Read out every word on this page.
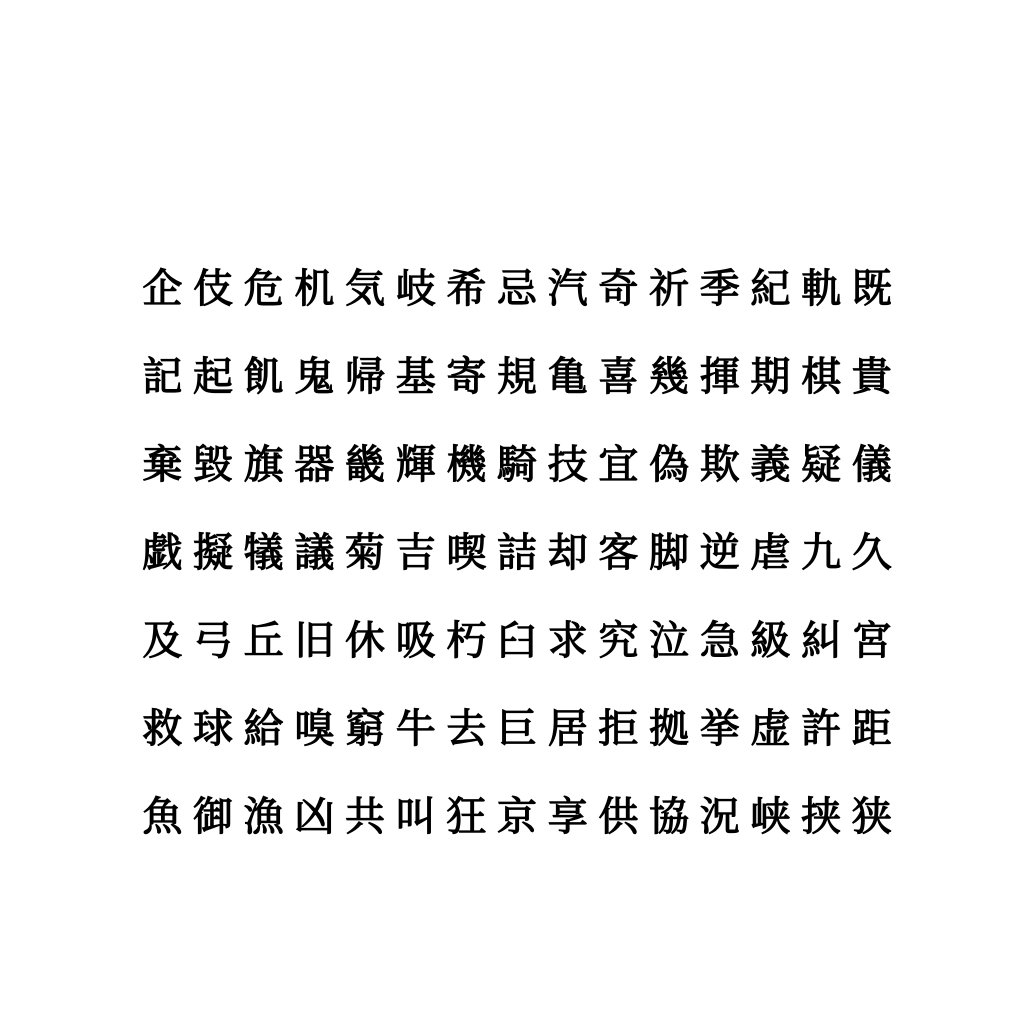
企 伎 危 机 気 岐 希 忌 汽 奇 祈 季 紀 軌 既
記 起 飢 鬼 帰 基 寄 規 亀 喜 幾 揮 期 棋 貴
棄 毀 旗 器 畿 輝 機 騎 技 宜 偽 欺 義 疑 儀
戯 擬 犠 議 菊 吉 喫 詰 却 客 脚 逆 虐 九 久
及 弓 丘 旧 休 吸 朽 臼 求 究 泣 急 級 糾 宮
救 球 給 嗅 窮 牛 去 巨 居 拒 拠 挙 虚 許 距
魚 御 漁 凶 共 叫 狂 京 享 供 協 況 峡 挟 狭
